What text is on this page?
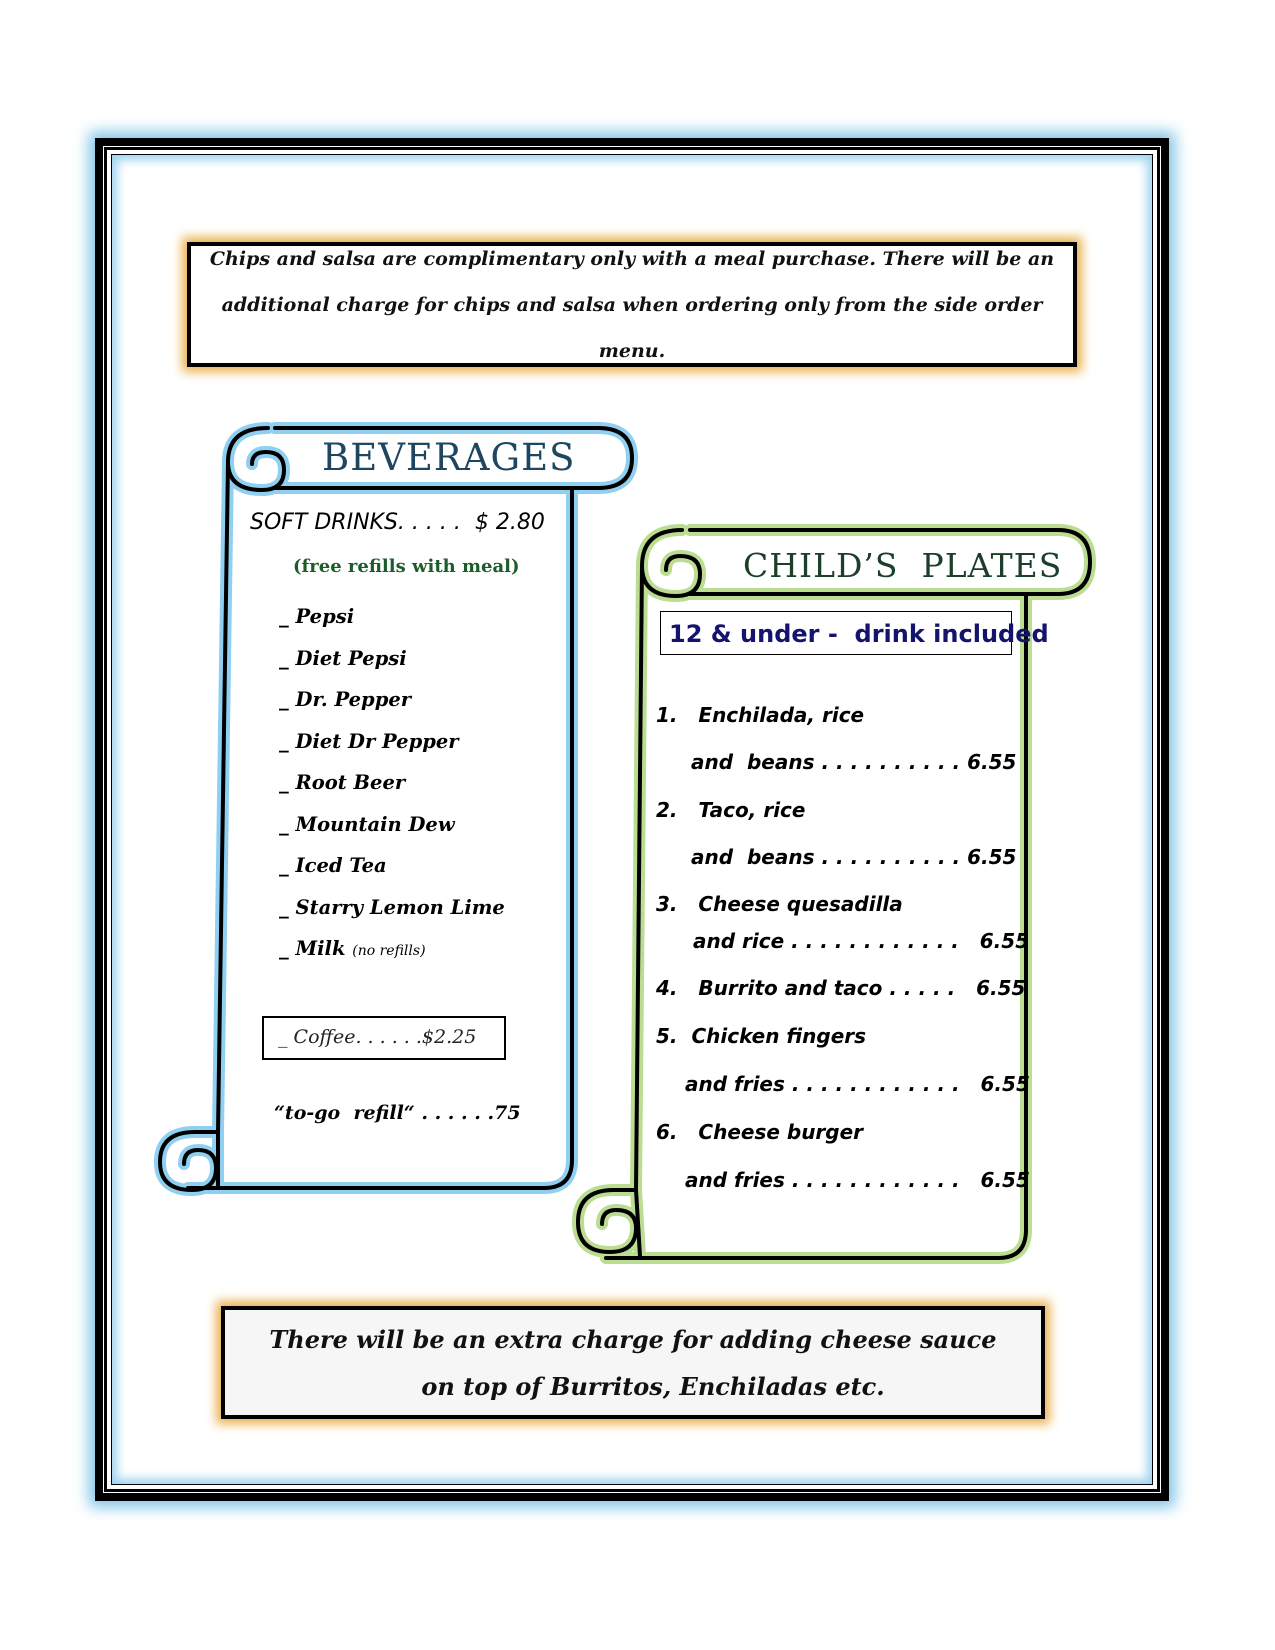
Chips and salsa are complimentary only with a meal purchase. There will be an
additional charge for chips and salsa when ordering only from the side order menu.
BEVERAGES
SOFT DRINKS. . . . .  $ 2.80
(free refills with meal)
_ Pepsi
_ Diet Pepsi
_ Dr. Pepper
_ Diet Dr Pepper
_ Root Beer
_ Mountain Dew
_ Iced Tea
_ Starry Lemon Lime
_ Milk (no refills)
_ Coffee. . . . . .$2.25
“to-go  refill“ . . . . . .75
CHILD’S  PLATES
12 & under -  drink included
1.   Enchilada, rice
and  beans . . . . . . . . . . 6.55
2.   Taco, rice
and  beans . . . . . . . . . . 6.55
3.   Cheese quesadilla
and rice . . . . . . . . . . . .   6.55
4.   Burrito and taco . . . . .   6.55
5.  Chicken fingers
and fries . . . . . . . . . . . .   6.55
6.   Cheese burger
and fries . . . . . . . . . . . .   6.55
There will be an extra charge for adding cheese sauce
on top of Burritos, Enchiladas etc.
